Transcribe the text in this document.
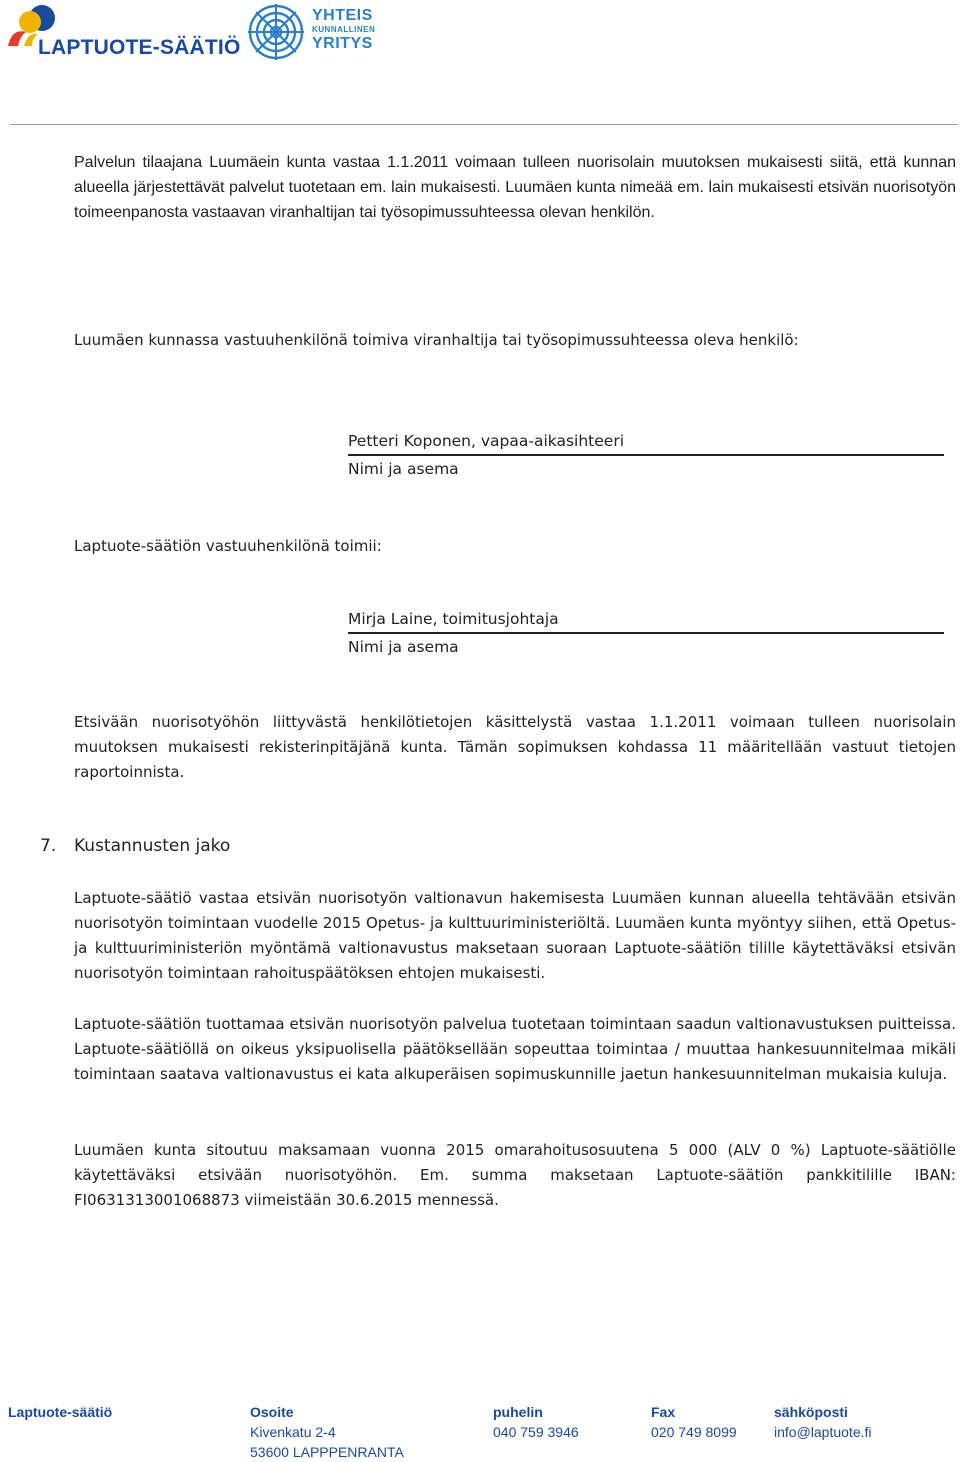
LAPTUOTE-SÄÄTIÖ
YHTEIS
KUNNALLINEN
YRITYS
Palvelun tilaajana Luumäein kunta vastaa 1.1.2011 voimaan tulleen nuorisolain muutoksen mukaisesti siitä, että kunnan alueella järjestettävät palvelut tuotetaan em. lain mukaisesti. Luumäen kunta nimeää em. lain mukaisesti etsivän nuorisotyön toimeenpanosta vastaavan viranhaltijan tai työsopimussuhteessa olevan henkilön.
Luumäen kunnassa vastuuhenkilönä toimiva viranhaltija tai työsopimussuhteessa oleva henkilö:
Petteri Koponen, vapaa-aikasihteeri
Nimi ja asema
Laptuote-säätiön vastuuhenkilönä toimii:
Mirja Laine, toimitusjohtaja
Nimi ja asema
Etsivään nuorisotyöhön liittyvästä henkilötietojen käsittelystä vastaa 1.1.2011 voimaan tulleen nuorisolain muutoksen mukaisesti rekisterinpitäjänä kunta. Tämän sopimuksen kohdassa 11 määritellään vastuut tietojen raportoinnista.
7. Kustannusten jako
Laptuote-säätiö vastaa etsivän nuorisotyön valtionavun hakemisesta Luumäen kunnan alueella tehtävään etsivän nuorisotyön toimintaan vuodelle 2015 Opetus- ja kulttuuriministeriöltä. Luumäen kunta myöntyy siihen, että Opetus- ja kulttuuriministeriön myöntämä valtionavustus maksetaan suoraan Laptuote-säätiön tilille käytettäväksi etsivän nuorisotyön toimintaan rahoituspäätöksen ehtojen mukaisesti.
Laptuote-säätiön tuottamaa etsivän nuorisotyön palvelua tuotetaan toimintaan saadun valtionavustuksen puitteissa. Laptuote-säätiöllä on oikeus yksipuolisella päätöksellään sopeuttaa toimintaa / muuttaa hankesuunnitelmaa mikäli toimintaan saatava valtionavustus ei kata alkuperäisen sopimuskunnille jaetun hankesuunnitelman mukaisia kuluja.
Luumäen kunta sitoutuu maksamaan vuonna 2015 omarahoitusosuutena 5 000 (ALV 0 %) Laptuote-säätiölle käytettäväksi etsivään nuorisotyöhön. Em. summa maksetaan Laptuote-säätiön pankkitilille IBAN: FI0631313001068873 viimeistään 30.6.2015 mennessä.
Laptuote-säätiö	Osoite
Kivenkatu 2-4
53600 LAPPPENRANTA
puhelin
040 759 3946
Fax
020 749 8099
sähköposti
info@laptuote.fi
